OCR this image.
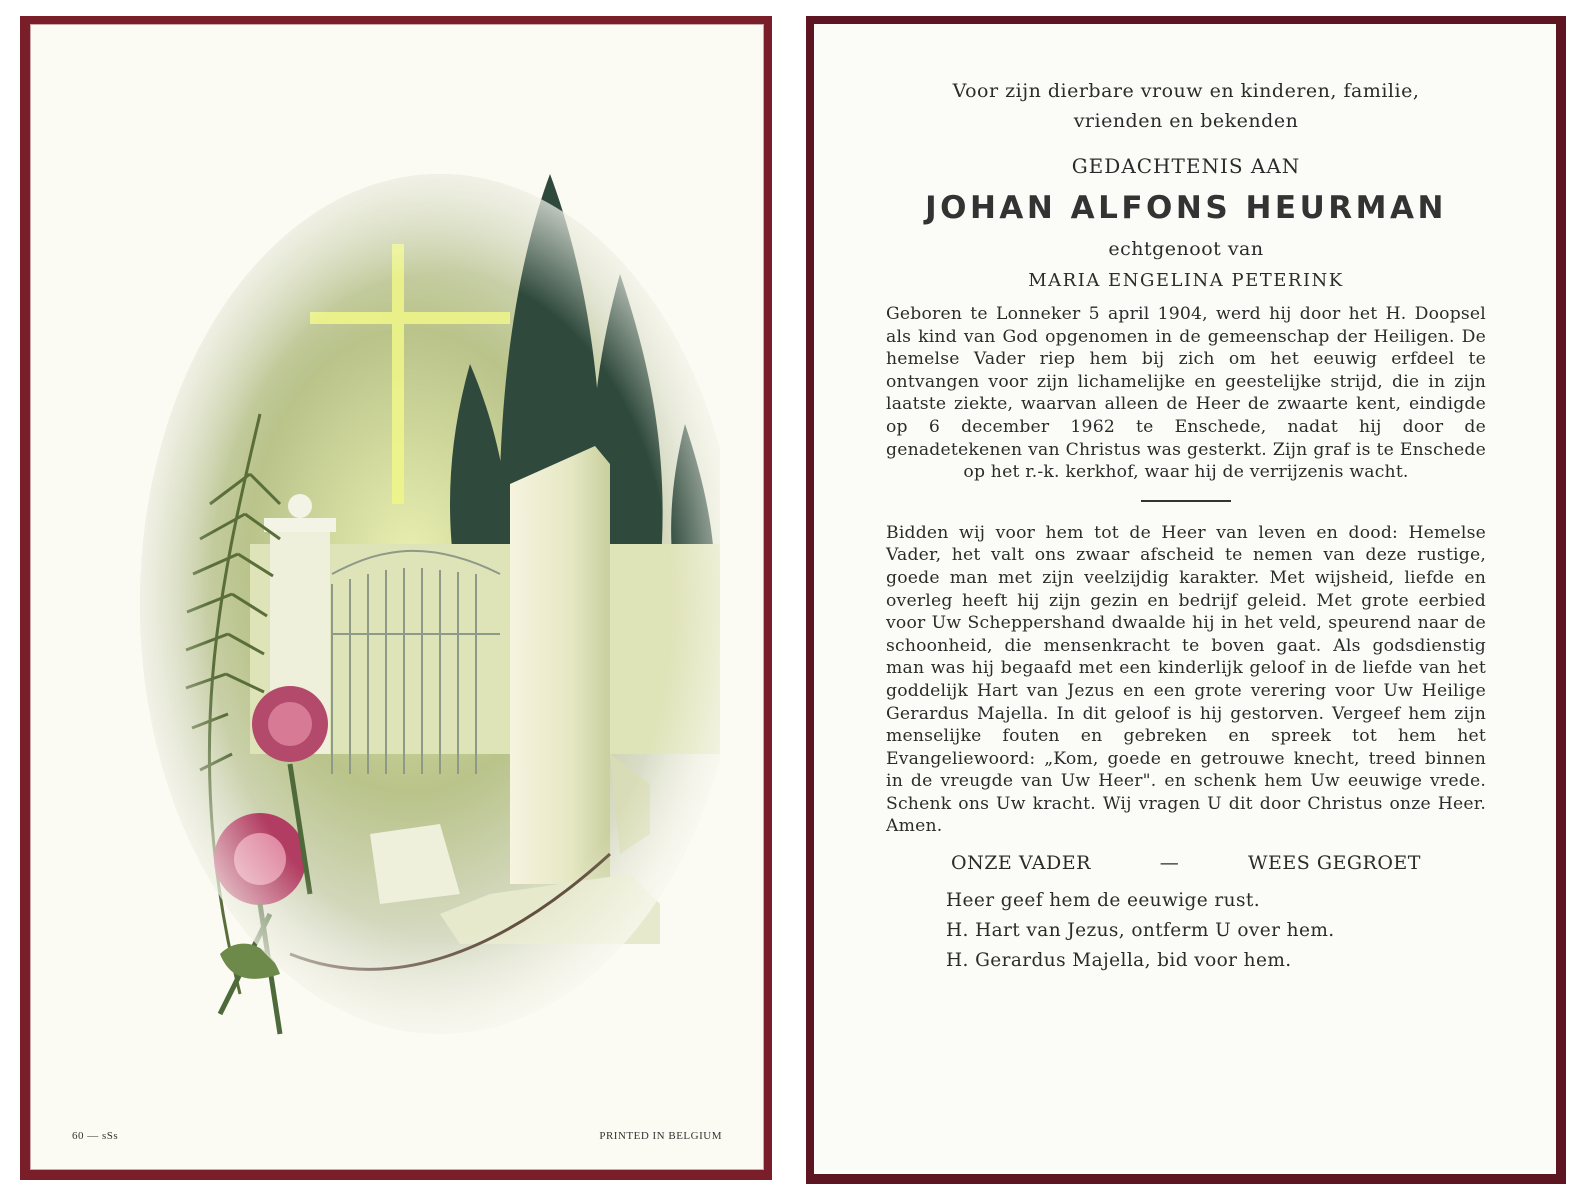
60 — sSs	PRINTED IN BELGIUM
Voor zijn dierbare vrouw en kinderen, familie, vrienden en bekenden
GEDACHTENIS AAN
JOHAN ALFONS HEURMAN
echtgenoot van
MARIA ENGELINA PETERINK
Geboren te Lonneker 5 april 1904, werd hij door het H. Doopsel als kind van God opgenomen in de gemeenschap der Heiligen. De hemelse Vader riep hem bij zich om het eeuwig erfdeel te ontvangen voor zijn lichamelijke en geestelijke strijd, die in zijn laatste ziekte, waarvan alleen de Heer de zwaarte kent, eindigde op 6 december 1962 te Enschede, nadat hij door de genadetekenen van Christus was gesterkt. Zijn graf is te Enschede op het r.-k. kerkhof, waar hij de verrijzenis wacht.
Bidden wij voor hem tot de Heer van leven en dood: Hemelse Vader, het valt ons zwaar afscheid te nemen van deze rustige, goede man met zijn veelzijdig karakter. Met wijsheid, liefde en overleg heeft hij zijn gezin en bedrijf geleid. Met grote eerbied voor Uw Scheppershand dwaalde hij in het veld, speurend naar de schoonheid, die mensenkracht te boven gaat. Als godsdienstig man was hij begaafd met een kinderlijk geloof in de liefde van het goddelijk Hart van Jezus en een grote verering voor Uw Heilige Gerardus Majella. In dit geloof is hij gestorven. Vergeef hem zijn menselijke fouten en gebreken en spreek tot hem het Evangeliewoord: „Kom, goede en getrouwe knecht, treed binnen in de vreugde van Uw Heer". en schenk hem Uw eeuwige vrede. Schenk ons Uw kracht. Wij vragen U dit door Christus onze Heer. Amen.
ONZE VADER	—	WEES GEGROET
Heer geef hem de eeuwige rust.
H. Hart van Jezus, ontferm U over hem.
H. Gerardus Majella, bid voor hem.
